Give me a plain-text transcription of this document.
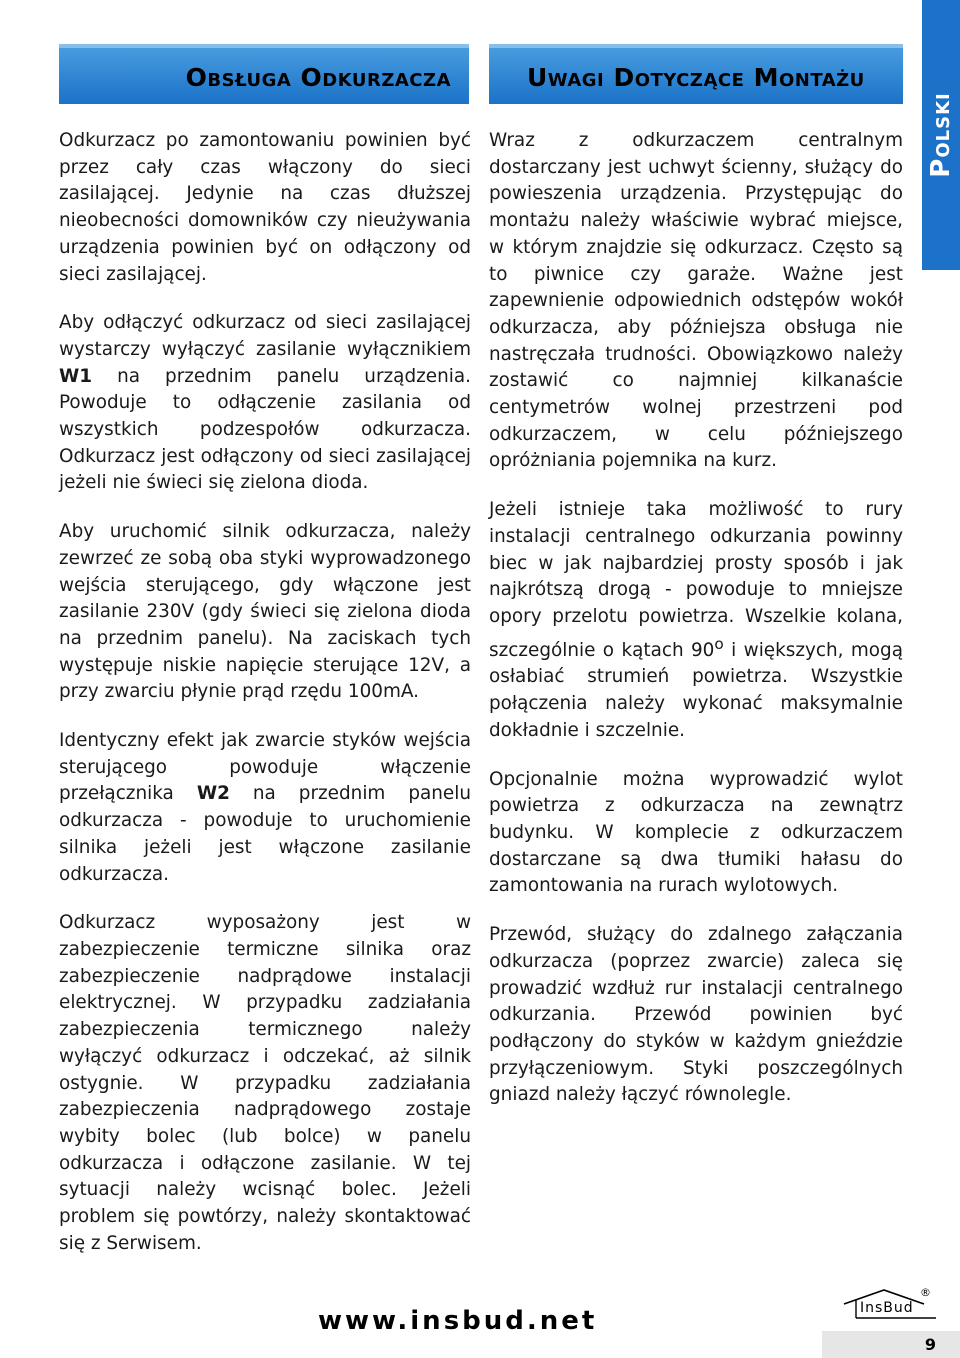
Obsługa Odkurzacza	Uwagi Dotyczące Montażu
Polski

Odkurzacz po zamontowaniu powinien być przez cały czas włączony do sieci zasilającej. Jedynie na czas dłuższej nieobecności domowników czy nieużywania urządzenia powinien być on odłączony od sieci zasilającej.

Aby odłączyć odkurzacz od sieci zasilającej wystarczy wyłączyć zasilanie wyłącznikiem W1 na przednim panelu urządzenia. Powoduje to odłączenie zasilania od wszystkich podzespołów odkurzacza. Odkurzacz jest odłączony od sieci zasilającej jeżeli nie świeci się zielona dioda.

Aby uruchomić silnik odkurzacza, należy zewrzeć ze sobą oba styki wyprowadzonego wejścia sterującego, gdy włączone jest zasilanie 230V (gdy świeci się zielona dioda na przednim panelu). Na zaciskach tych występuje niskie napięcie sterujące 12V, a przy zwarciu płynie prąd rzędu 100mA.

Identyczny efekt jak zwarcie styków wejścia sterującego powoduje włączenie przełącznika W2 na przednim panelu odkurzacza - powoduje to uruchomienie silnika jeżeli jest włączone zasilanie odkurzacza.

Odkurzacz wyposażony jest w zabezpieczenie termiczne silnika oraz zabezpieczenie nadprądowe instalacji elektrycznej. W przypadku zadziałania zabezpieczenia termicznego należy wyłączyć odkurzacz i odczekać, aż silnik ostygnie. W przypadku zadziałania zabezpieczenia nadprądowego zostaje wybity bolec (lub bolce) w panelu odkurzacza i odłączone zasilanie. W tej sytuacji należy wcisnąć bolec. Jeżeli problem się powtórzy, należy skontaktować się z Serwisem.

Wraz z odkurzaczem centralnym dostarczany jest uchwyt ścienny, służący do powieszenia urządzenia. Przystępując do montażu należy właściwie wybrać miejsce, w którym znajdzie się odkurzacz. Często są to piwnice czy garaże. Ważne jest zapewnienie odpowiednich odstępów wokół odkurzacza, aby późniejsza obsługa nie nastręczała trudności. Obowiązkowo należy zostawić co najmniej kilkanaście centymetrów wolnej przestrzeni pod odkurzaczem, w celu późniejszego opróżniania pojemnika na kurz.

Jeżeli istnieje taka możliwość to rury instalacji centralnego odkurzania powinny biec w jak najbardziej prosty sposób i jak najkrótszą drogą - powoduje to mniejsze opory przelotu powietrza. Wszelkie kolana, szczególnie o kątach 90$^o$ i większych, mogą osłabiać strumień powietrza. Wszystkie połączenia należy wykonać maksymalnie dokładnie i szczelnie.

Opcjonalnie można wyprowadzić wylot powietrza z odkurzacza na zewnątrz budynku. W komplecie z odkurzaczem dostarczane są dwa tłumiki hałasu do zamontowania na rurach wylotowych.

Przewód, służący do zdalnego załączania odkurzacza (poprzez zwarcie) zaleca się prowadzić wzdłuż rur instalacji centralnego odkurzania. Przewód powinien być podłączony do styków w każdym gnieździe przyłączeniowym. Styki poszczególnych gniazd należy łączyć równolegle.

www.insbud.net	InsBud
®
9
